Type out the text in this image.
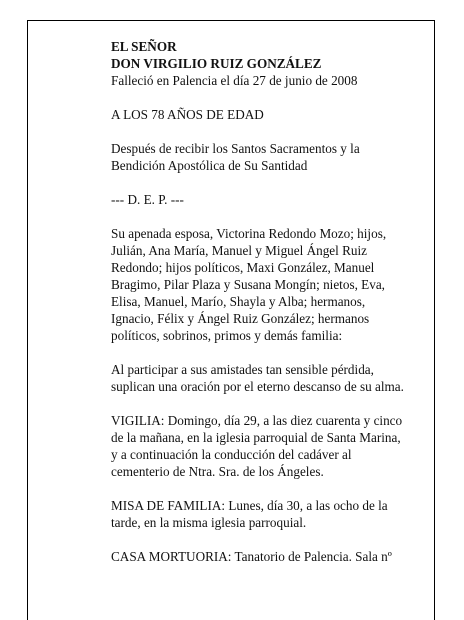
EL SEÑOR
DON VIRGILIO RUIZ GONZÁLEZ
Falleció en Palencia el día 27 de junio de 2008
A LOS 78 AÑOS DE EDAD
Después de recibir los Santos Sacramentos y la
Bendición Apostólica de Su Santidad
--- D. E. P. ---
Su apenada esposa, Victorina Redondo Mozo; hijos,
Julián, Ana María, Manuel y Miguel Ángel Ruiz
Redondo; hijos políticos, Maxi González, Manuel
Bragimo, Pilar Plaza y Susana Mongín; nietos, Eva,
Elisa, Manuel, Marío, Shayla y Alba; hermanos,
Ignacio, Félix y Ángel Ruiz González; hermanos
políticos, sobrinos, primos y demás familia:
Al participar a sus amistades tan sensible pérdida,
suplican una oración por el eterno descanso de su alma.
VIGILIA: Domingo, día 29, a las diez cuarenta y cinco
de la mañana, en la iglesia parroquial de Santa Marina,
y a continuación la conducción del cadáver al
cementerio de Ntra. Sra. de los Ángeles.
MISA DE FAMILIA: Lunes, día 30, a las ocho de la
tarde, en la misma iglesia parroquial.
CASA MORTUORIA: Tanatorio de Palencia. Sala nº
